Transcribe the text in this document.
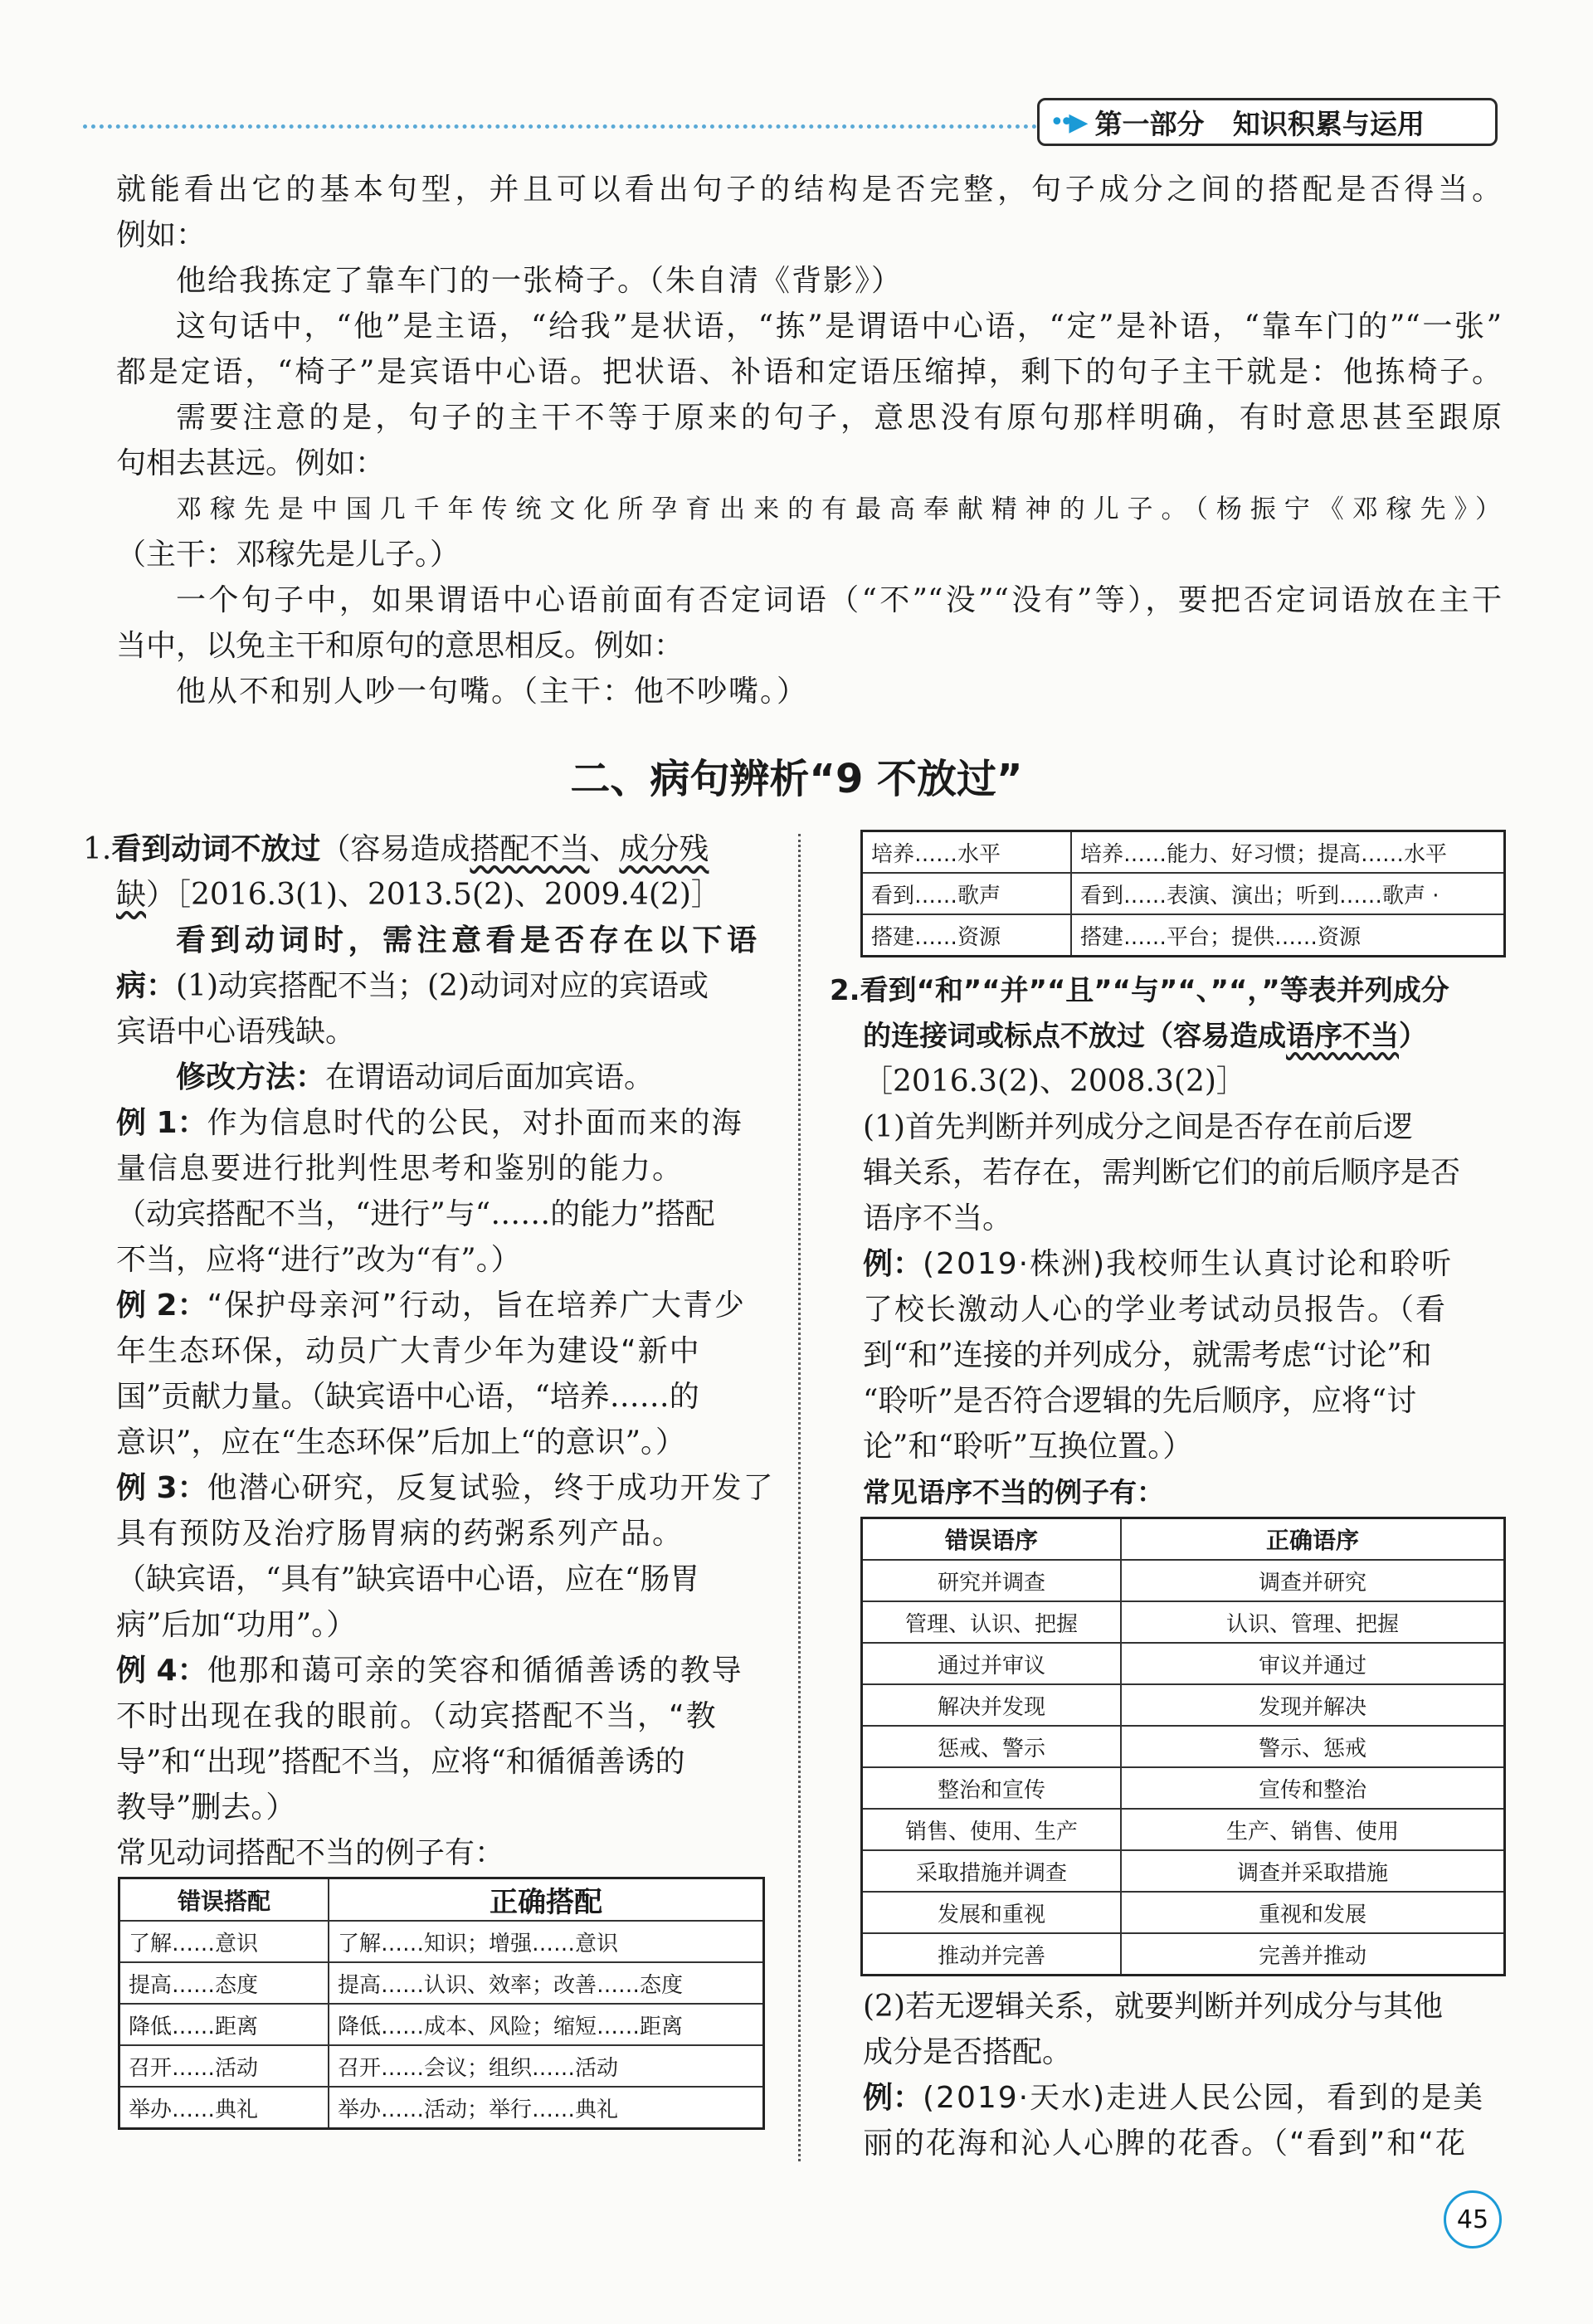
••▶ 第一部分   知识积累与运用
就能看出它的基本句型，并且可以看出句子的结构是否完整，句子成分之间的搭配是否得当。
例如：
他给我拣定了靠车门的一张椅子。（朱自清《背影》）
这句话中，“他”是主语，“给我”是状语，“拣”是谓语中心语，“定”是补语，“靠车门的”“一张”
都是定语，“椅子”是宾语中心语。把状语、补语和定语压缩掉，剩下的句子主干就是：他拣椅子。
需要注意的是，句子的主干不等于原来的句子，意思没有原句那样明确，有时意思甚至跟原
句相去甚远。例如：
邓稼先是中国几千年传统文化所孕育出来的有最高奉献精神的儿子。（杨振宁《邓稼先》）
（主干：邓稼先是儿子。）
一个句子中，如果谓语中心语前面有否定词语（“不”“没”“没有”等），要把否定词语放在主干
当中，以免主干和原句的意思相反。例如：
他从不和别人吵一句嘴。（主干：他不吵嘴。）
二、病句辨析“9 不放过”
1.看到动词不放过（容易造成搭配不当、成分残
缺）［2016.3(1)、2013.5(2)、2009.4(2)］
看到动词时，需注意看是否存在以下语
病：(1)动宾搭配不当；(2)动词对应的宾语或
宾语中心语残缺。
修改方法：在谓语动词后面加宾语。
例 1：作为信息时代的公民，对扑面而来的海
量信息要进行批判性思考和鉴别的能力。
（动宾搭配不当，“进行”与“……的能力”搭配
不当，应将“进行”改为“有”。）
例 2：“保护母亲河”行动，旨在培养广大青少
年生态环保，动员广大青少年为建设“新中
国”贡献力量。（缺宾语中心语，“培养……的
意识”，应在“生态环保”后加上“的意识”。）
例 3：他潜心研究，反复试验，终于成功开发了
具有预防及治疗肠胃病的药粥系列产品。
（缺宾语，“具有”缺宾语中心语，应在“肠胃
病”后加“功用”。）
例 4：他那和蔼可亲的笑容和循循善诱的教导
不时出现在我的眼前。（动宾搭配不当，“教
导”和“出现”搭配不当，应将“和循循善诱的
教导”删去。）
常见动词搭配不当的例子有：
错误搭配	正确搭配
了解……意识	了解……知识；增强……意识
提高……态度	提高……认识、效率；改善……态度
降低……距离	降低……成本、风险；缩短……距离
召开……活动	召开……会议；组织……活动
举办……典礼	举办……活动；举行……典礼
培养……水平	培养……能力、好习惯；提高……水平
看到……歌声	看到……表演、演出；听到……歌声 ·
搭建……资源	搭建……平台；提供……资源
2.看到“和”“并”“且”“与”“、”“，”等表并列成分
的连接词或标点不放过（容易造成语序不当）
［2016.3(2)、2008.3(2)］
(1)首先判断并列成分之间是否存在前后逻
辑关系，若存在，需判断它们的前后顺序是否
语序不当。
例：(2019·株洲)我校师生认真讨论和聆听
了校长激动人心的学业考试动员报告。（看
到“和”连接的并列成分，就需考虑“讨论”和
“聆听”是否符合逻辑的先后顺序，应将“讨
论”和“聆听”互换位置。）
常见语序不当的例子有：
错误语序	正确语序
研究并调查	调查并研究
管理、认识、把握	认识、管理、把握
通过并审议	审议并通过
解决并发现	发现并解决
惩戒、警示	警示、惩戒
整治和宣传	宣传和整治
销售、使用、生产	生产、销售、使用
采取措施并调查	调查并采取措施
发展和重视	重视和发展
推动并完善	完善并推动
(2)若无逻辑关系，就要判断并列成分与其他
成分是否搭配。
例：(2019·天水)走进人民公园，看到的是美
丽的花海和沁人心脾的花香。（“看到”和“花
45
